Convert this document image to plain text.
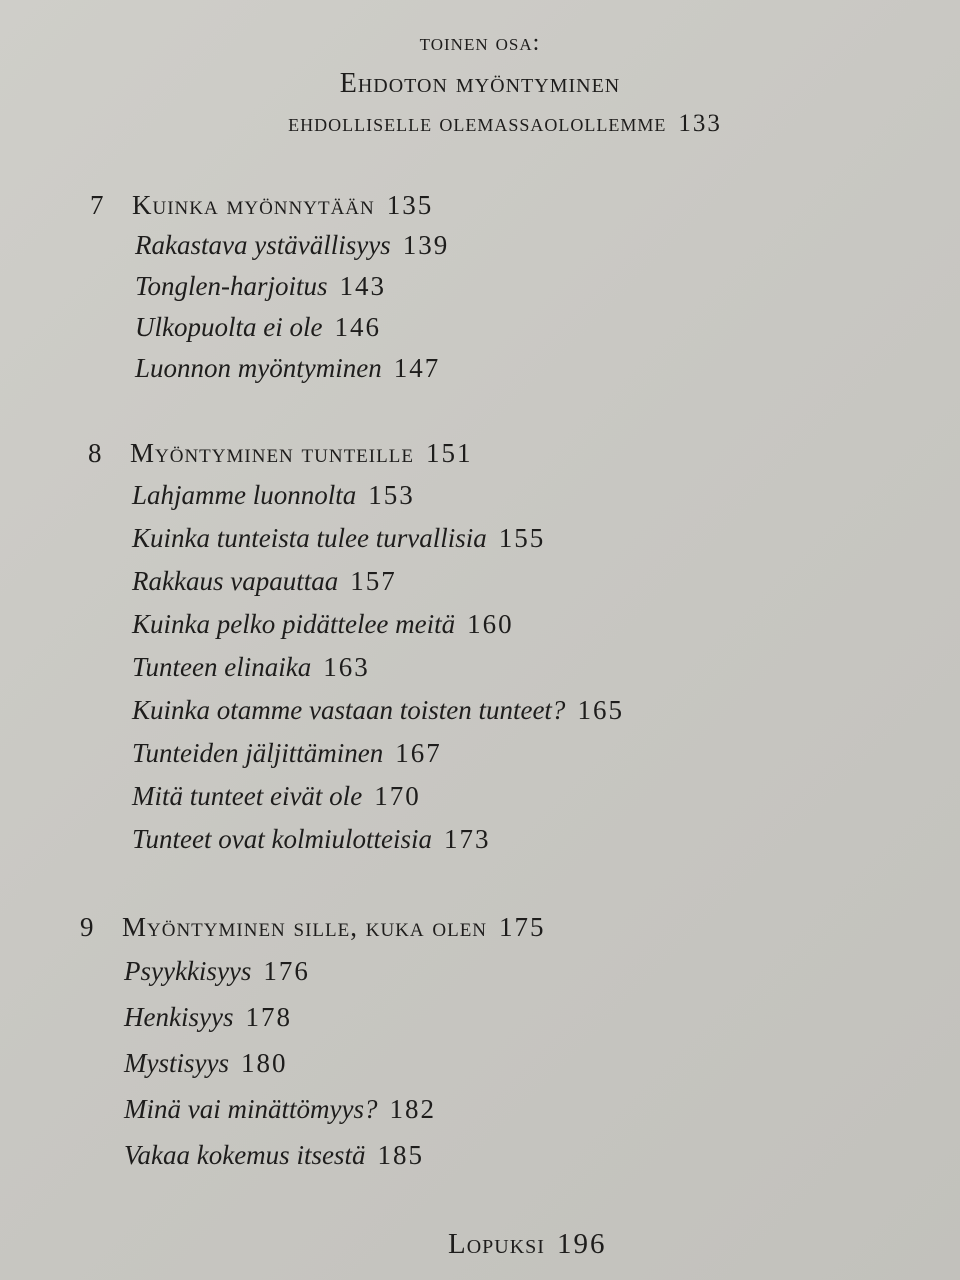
toinen osa:
Ehdoton myöntyminen
ehdolliselle olemassaolollemme 133
7 Kuinka myönnytään 135
Rakastava ystävällisyys 139
Tonglen-harjoitus 143
Ulkopuolta ei ole 146
Luonnon myöntyminen 147
8 Myöntyminen tunteille 151
Lahjamme luonnolta 153
Kuinka tunteista tulee turvallisia 155
Rakkaus vapauttaa 157
Kuinka pelko pidättelee meitä 160
Tunteen elinaika 163
Kuinka otamme vastaan toisten tunteet? 165
Tunteiden jäljittäminen 167
Mitä tunteet eivät ole 170
Tunteet ovat kolmiulotteisia 173
9 Myöntyminen sille, kuka olen 175
Psyykkisyys 176
Henkisyys 178
Mystisyys 180
Minä vai minättömyys? 182
Vakaa kokemus itsestä 185
Lopuksi 196
